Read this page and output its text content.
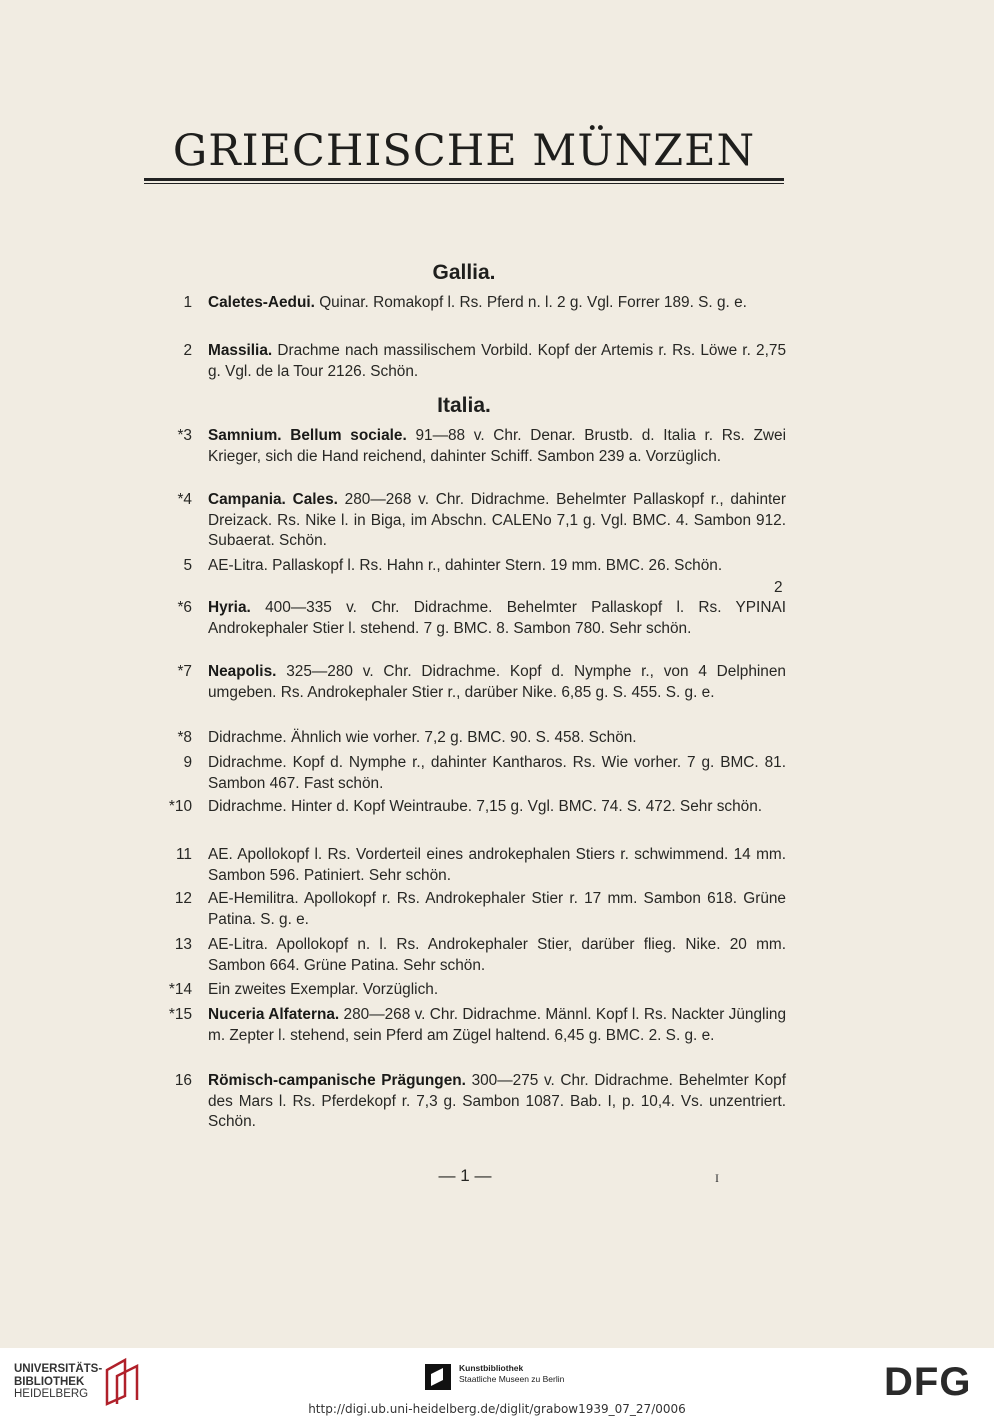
GRIECHISCHE MÜNZEN
Gallia.
1 Caletes-Aedui. Quinar. Romakopf l. Rs. Pferd n. l. 2 g. Vgl. Forrer 189. S. g. e.
2 Massilia. Drachme nach massilischem Vorbild. Kopf der Artemis r. Rs. Löwe r. 2,75 g. Vgl. de la Tour 2126. Schön.
Italia.
*3 Samnium. Bellum sociale. 91—88 v. Chr. Denar. Brustb. d. Italia r. Rs. Zwei Krieger, sich die Hand reichend, dahinter Schiff. Sambon 239 a. Vorzüglich.
*4 Campania. Cales. 280—268 v. Chr. Didrachme. Behelmter Pallaskopf r., dahinter Dreizack. Rs. Nike l. in Biga, im Abschn. CALENo 7,1 g. Vgl. BMC. 4. Sambon 912. Subaerat. Schön.
5 AE-Litra. Pallaskopf l. Rs. Hahn r., dahinter Stern. 19 mm. BMC. 26. Schön.
2
*6 Hyria. 400—335 v. Chr. Didrachme. Behelmter Pallaskopf l. Rs. YPINAI Androkephaler Stier l. stehend. 7 g. BMC. 8. Sambon 780. Sehr schön.
*7 Neapolis. 325—280 v. Chr. Didrachme. Kopf d. Nymphe r., von 4 Delphinen umgeben. Rs. Androkephaler Stier r., darüber Nike. 6,85 g. S. 455. S. g. e.
*8 Didrachme. Ähnlich wie vorher. 7,2 g. BMC. 90. S. 458. Schön.
9 Didrachme. Kopf d. Nymphe r., dahinter Kantharos. Rs. Wie vorher. 7 g. BMC. 81. Sambon 467. Fast schön.
*10 Didrachme. Hinter d. Kopf Weintraube. 7,15 g. Vgl. BMC. 74. S. 472. Sehr schön.
11 AE. Apollokopf l. Rs. Vorderteil eines androkephalen Stiers r. schwimmend. 14 mm. Sambon 596. Patiniert. Sehr schön.
12 AE-Hemilitra. Apollokopf r. Rs. Androkephaler Stier r. 17 mm. Sambon 618. Grüne Patina. S. g. e.
13 AE-Litra. Apollokopf n. l. Rs. Androkephaler Stier, darüber flieg. Nike. 20 mm. Sambon 664. Grüne Patina. Sehr schön.
*14 Ein zweites Exemplar. Vorzüglich.
*15 Nuceria Alfaterna. 280—268 v. Chr. Didrachme. Männl. Kopf l. Rs. Nackter Jüngling m. Zepter l. stehend, sein Pferd am Zügel haltend. 6,45 g. BMC. 2. S. g. e.
16 Römisch-campanische Prägungen. 300—275 v. Chr. Didrachme. Behelmter Kopf des Mars l. Rs. Pferdekopf r. 7,3 g. Sambon 1087. Bab. I, p. 10,4. Vs. unzentriert. Schön.
— 1 —	I
UNIVERSITÄTS-
BIBLIOTHEK
HEIDELBERG
Kunstbibliothek
Staatliche Museen zu Berlin	DFG
http://digi.ub.uni-heidelberg.de/diglit/grabow1939_07_27/0006
